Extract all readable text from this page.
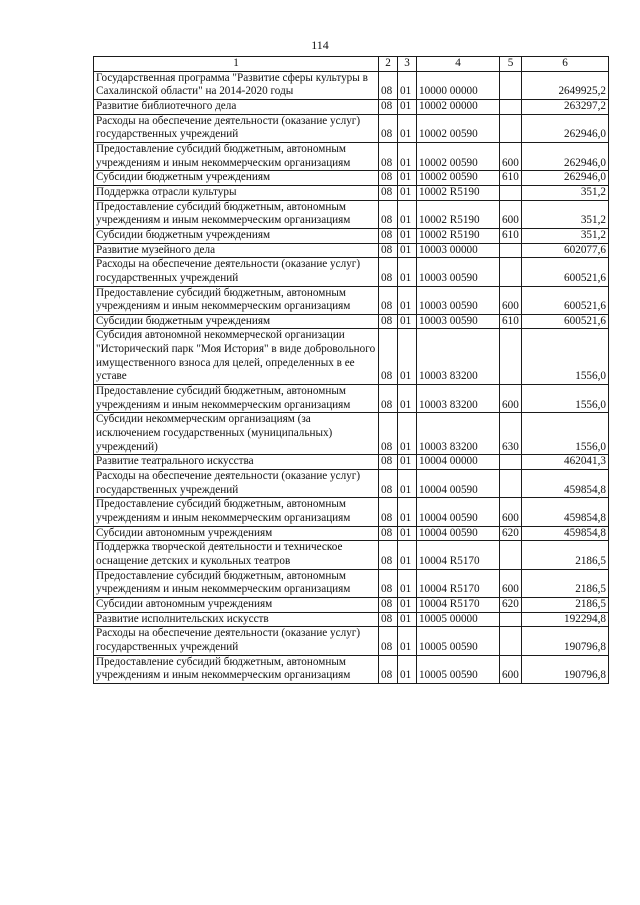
114
1	2	3	4	5	6
Государственная программа "Развитие сферы культуры в Сахалинской области" на 2014-2020 годы	08	01	10000 00000		2649925,2
Развитие библиотечного дела	08	01	10002 00000		263297,2
Расходы на обеспечение деятельности (оказание услуг) государственных учреждений	08	01	10002 00590		262946,0
Предоставление субсидий бюджетным, автономным учреждениям и иным некоммерческим организациям	08	01	10002 00590	600	262946,0
Субсидии бюджетным учреждениям	08	01	10002 00590	610	262946,0
Поддержка отрасли культуры	08	01	10002 R5190		351,2
Предоставление субсидий бюджетным, автономным учреждениям и иным некоммерческим организациям	08	01	10002 R5190	600	351,2
Субсидии бюджетным учреждениям	08	01	10002 R5190	610	351,2
Развитие музейного дела	08	01	10003 00000		602077,6
Расходы на обеспечение деятельности (оказание услуг) государственных учреждений	08	01	10003 00590		600521,6
Предоставление субсидий бюджетным, автономным учреждениям и иным некоммерческим организациям	08	01	10003 00590	600	600521,6
Субсидии бюджетным учреждениям	08	01	10003 00590	610	600521,6
Субсидия автономной некоммерческой организации "Исторический парк "Моя История" в виде добровольного имущественного взноса для целей, определенных в ее уставе	08	01	10003 83200		1556,0
Предоставление субсидий бюджетным, автономным учреждениям и иным некоммерческим организациям	08	01	10003 83200	600	1556,0
Субсидии некоммерческим организациям (за исключением государственных (муниципальных) учреждений)	08	01	10003 83200	630	1556,0
Развитие театрального искусства	08	01	10004 00000		462041,3
Расходы на обеспечение деятельности (оказание услуг) государственных учреждений	08	01	10004 00590		459854,8
Предоставление субсидий бюджетным, автономным учреждениям и иным некоммерческим организациям	08	01	10004 00590	600	459854,8
Субсидии автономным учреждениям	08	01	10004 00590	620	459854,8
Поддержка творческой деятельности и техническое оснащение детских и кукольных театров	08	01	10004 R5170		2186,5
Предоставление субсидий бюджетным, автономным учреждениям и иным некоммерческим организациям	08	01	10004 R5170	600	2186,5
Субсидии автономным учреждениям	08	01	10004 R5170	620	2186,5
Развитие исполнительских искусств	08	01	10005 00000		192294,8
Расходы на обеспечение деятельности (оказание услуг) государственных учреждений	08	01	10005 00590		190796,8
Предоставление субсидий бюджетным, автономным учреждениям и иным некоммерческим организациям	08	01	10005 00590	600	190796,8
